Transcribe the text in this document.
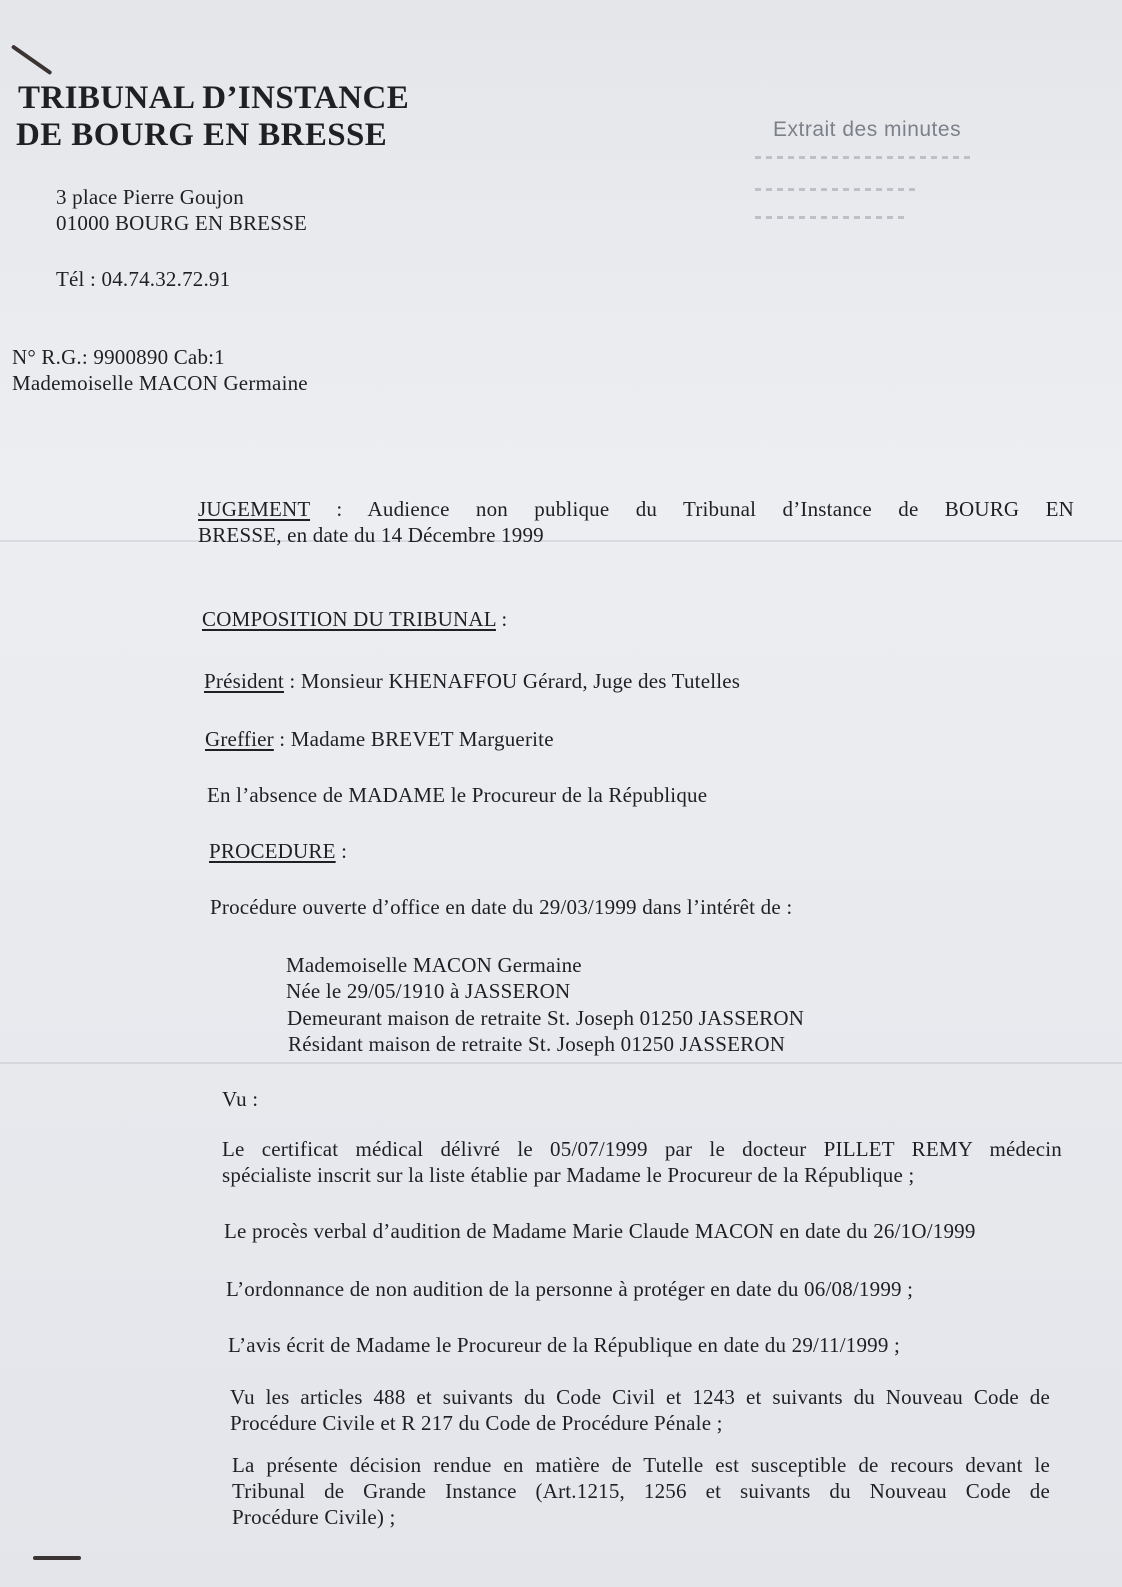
TRIBUNAL D’INSTANCE
DE BOURG EN BRESSE
3 place Pierre Goujon
01000 BOURG EN BRESSE
Tél : 04.74.32.72.91
Extrait des minutes
N° R.G.: 9900890 Cab:1
Mademoiselle MACON Germaine
JUGEMENT : Audience non publique du Tribunal d’Instance de BOURG EN
BRESSE, en date du 14 Décembre 1999
COMPOSITION DU TRIBUNAL :
Président : Monsieur KHENAFFOU Gérard, Juge des Tutelles
Greffier : Madame BREVET Marguerite
En l’absence de MADAME le Procureur de la République
PROCEDURE :
Procédure ouverte d’office en date du 29/03/1999 dans l’intérêt de :
Mademoiselle MACON Germaine
Née le 29/05/1910 à JASSERON
Demeurant maison de retraite St. Joseph 01250 JASSERON
Résidant maison de retraite St. Joseph 01250 JASSERON
Vu :
Le certificat médical délivré le 05/07/1999 par le docteur PILLET REMY médecin
spécialiste inscrit sur la liste établie par Madame le Procureur de la République ;
Le procès verbal d’audition de Madame Marie Claude MACON en date du 26/1O/1999
L’ordonnance de non audition de la personne à protéger en date du 06/08/1999 ;
L’avis écrit de Madame le Procureur de la République en date du 29/11/1999 ;
Vu les articles 488 et suivants du Code Civil et 1243 et suivants du Nouveau Code de
Procédure Civile et R 217 du Code de Procédure Pénale ;
La présente décision rendue en matière de Tutelle est susceptible de recours devant le
Tribunal de Grande Instance (Art.1215, 1256 et suivants du Nouveau Code de
Procédure Civile) ;
